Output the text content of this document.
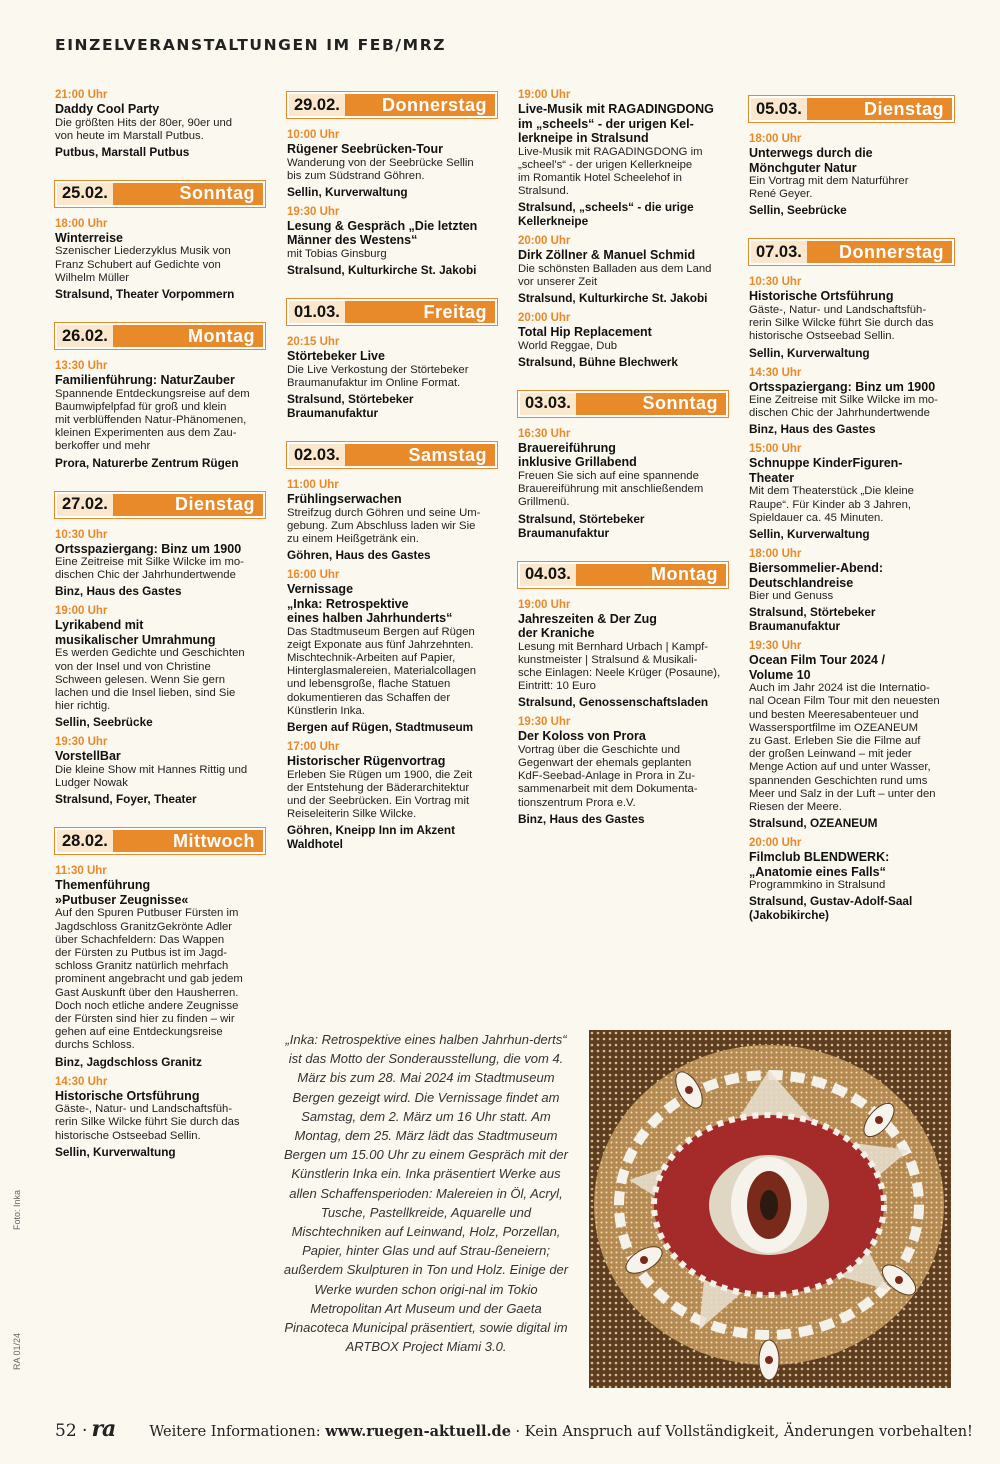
EINZELVERANSTALTUNGEN IM FEB/MRZ
21:00 Uhr
Daddy Cool Party
Die größten Hits der 80er, 90er und
von heute im Marstall Putbus.
Putbus, Marstall Putbus
25.02.	Sonntag
18:00 Uhr
Winterreise
Szenischer Liederzyklus Musik von
Franz Schubert auf Gedichte von
Wilhelm Müller
Stralsund, Theater Vorpommern
26.02.	Montag
13:30 Uhr
Familienführung: NaturZauber
Spannende Entdeckungsreise auf dem
Baumwipfelpfad für groß und klein
mit verblüffenden Natur-Phänomenen,
kleinen Experimenten aus dem Zau-
berkoffer und mehr
Prora, Naturerbe Zentrum Rügen
27.02.	Dienstag
10:30 Uhr
Ortsspaziergang: Binz um 1900
Eine Zeitreise mit Silke Wilcke im mo-
dischen Chic der Jahrhundertwende
Binz, Haus des Gastes
19:00 Uhr
Lyrikabend mit
musikalischer Umrahmung
Es werden Gedichte und Geschichten
von der Insel und von Christine
Schween gelesen. Wenn Sie gern
lachen und die Insel lieben, sind Sie
hier richtig.
Sellin, Seebrücke
19:30 Uhr
VorstellBar
Die kleine Show mit Hannes Rittig und
Ludger Nowak
Stralsund, Foyer, Theater
28.02.	Mittwoch
11:30 Uhr
Themenführung
»Putbuser Zeugnisse«
Auf den Spuren Putbuser Fürsten im
Jagdschloss GranitzGekrönte Adler
über Schachfeldern: Das Wappen
der Fürsten zu Putbus ist im Jagd-
schloss Granitz natürlich mehrfach
prominent angebracht und gab jedem
Gast Auskunft über den Hausherren.
Doch noch etliche andere Zeugnisse
der Fürsten sind hier zu finden – wir
gehen auf eine Entdeckungsreise
durchs Schloss.
Binz, Jagdschloss Granitz
14:30 Uhr
Historische Ortsführung
Gäste-, Natur- und Landschaftsfüh-
rerin Silke Wilcke führt Sie durch das
historische Ostseebad Sellin.
Sellin, Kurverwaltung
29.02. Donnerstag
10:00 Uhr
Rügener Seebrücken-Tour
Wanderung von der Seebrücke Sellin
bis zum Südstrand Göhren.
Sellin, Kurverwaltung
19:30 Uhr
Lesung & Gespräch „Die letzten
Männer des Westens“
mit Tobias Ginsburg
Stralsund, Kulturkirche St. Jakobi
01.03.	Freitag
20:15 Uhr
Störtebeker Live
Die Live Verkostung der Störtebeker
Braumanufaktur im Online Format.
Stralsund, Störtebeker
Braumanufaktur
02.03.	Samstag
11:00 Uhr
Frühlingserwachen
Streifzug durch Göhren und seine Um-
gebung. Zum Abschluss laden wir Sie
zu einem Heißgetränk ein.
Göhren, Haus des Gastes
16:00 Uhr
Vernissage
„Inka: Retrospektive
eines halben Jahrhunderts“
Das Stadtmuseum Bergen auf Rügen
zeigt Exponate aus fünf Jahrzehnten.
Mischtechnik-Arbeiten auf Papier,
Hinterglasmalereien, Materialcollagen
und lebensgroße, flache Statuen
dokumentieren das Schaffen der
Künstlerin Inka.
Bergen auf Rügen, Stadtmuseum
17:00 Uhr
Historischer Rügenvortrag
Erleben Sie Rügen um 1900, die Zeit
der Entstehung der Bäderarchitektur
und der Seebrücken. Ein Vortrag mit
Reiseleiterin Silke Wilcke.
Göhren, Kneipp Inn im Akzent
Waldhotel
19:00 Uhr
Live-Musik mit RAGADINGDONG
im „scheels“ - der urigen Kel-
lerkneipe in Stralsund
Live-Musik mit RAGADINGDONG im
„scheel's“ - der urigen Kellerkneipe
im Romantik Hotel Scheelehof in
Stralsund.
Stralsund, „scheels“ - die urige
Kellerkneipe
20:00 Uhr
Dirk Zöllner & Manuel Schmid
Die schönsten Balladen aus dem Land
vor unserer Zeit
Stralsund, Kulturkirche St. Jakobi
20:00 Uhr
Total Hip Replacement
World Reggae, Dub
Stralsund, Bühne Blechwerk
03.03.	Sonntag
16:30 Uhr
Brauereiführung
inklusive Grillabend
Freuen Sie sich auf eine spannende
Brauereiführung mit anschließendem
Grillmenü.
Stralsund, Störtebeker
Braumanufaktur
04.03.	Montag
19:00 Uhr
Jahreszeiten & Der Zug
der Kraniche
Lesung mit Bernhard Urbach | Kampf-
kunstmeister | Stralsund & Musikali-
sche Einlagen: Neele Krüger (Posaune),
Eintritt: 10 Euro
Stralsund, Genossenschaftsladen
19:30 Uhr
Der Koloss von Prora
Vortrag über die Geschichte und
Gegenwart der ehemals geplanten
KdF-Seebad-Anlage in Prora in Zu-
sammenarbeit mit dem Dokumenta-
tionszentrum Prora e.V.
Binz, Haus des Gastes
05.03.	Dienstag
18:00 Uhr
Unterwegs durch die
Mönchguter Natur
Ein Vortrag mit dem Naturführer
René Geyer.
Sellin, Seebrücke
07.03. Donnerstag
10:30 Uhr
Historische Ortsführung
Gäste-, Natur- und Landschaftsfüh-
rerin Silke Wilcke führt Sie durch das
historische Ostseebad Sellin.
Sellin, Kurverwaltung
14:30 Uhr
Ortsspaziergang: Binz um 1900
Eine Zeitreise mit Silke Wilcke im mo-
dischen Chic der Jahrhundertwende
Binz, Haus des Gastes
15:00 Uhr
Schnuppe KinderFiguren-
Theater
Mit dem Theaterstück „Die kleine
Raupe“. Für Kinder ab 3 Jahren,
Spieldauer ca. 45 Minuten.
Sellin, Kurverwaltung
18:00 Uhr
Biersommelier-Abend:
Deutschlandreise
Bier und Genuss
Stralsund, Störtebeker
Braumanufaktur
19:30 Uhr
Ocean Film Tour 2024 /
Volume 10
Auch im Jahr 2024 ist die Internatio-
nal Ocean Film Tour mit den neuesten
und besten Meeresabenteuer und
Wassersportfilme im OZEANEUM
zu Gast. Erleben Sie die Filme auf
der großen Leinwand – mit jeder
Menge Action auf und unter Wasser,
spannenden Geschichten rund ums
Meer und Salz in der Luft – unter den
Riesen der Meere.
Stralsund, OZEANEUM
20:00 Uhr
Filmclub BLENDWERK:
„Anatomie eines Falls“
Programmkino in Stralsund
Stralsund, Gustav-Adolf-Saal
(Jakobikirche)
„Inka: Retrospektive eines halben Jahrhun-derts“ ist das Motto der Sonderausstellung, die vom 4. März bis zum 28. Mai 2024 im Stadtmuseum Bergen gezeigt wird. Die Vernissage findet am Samstag, dem 2. März um 16 Uhr statt. Am Montag, dem 25. März lädt das Stadtmuseum Bergen um 15.00 Uhr zu einem Gespräch mit der Künstlerin Inka ein. Inka präsentiert Werke aus allen Schaffensperioden: Malereien in Öl, Acryl, Tusche, Pastellkreide, Aquarelle und Mischtechniken auf Leinwand, Holz, Porzellan, Papier, hinter Glas und auf Strau-ßeneiern; außerdem Skulpturen in Ton und Holz. Einige der Werke wurden schon origi-nal im Tokio Metropolitan Art Museum und der Gaeta Pinacoteca Municipal präsentiert, sowie digital im ARTBOX Project Miami 3.0.
Foto: Inka
RA 01/24
52 · ra Weitere Informationen: www.ruegen-aktuell.de · Kein Anspruch auf Vollständigkeit, Änderungen vorbehalten!
